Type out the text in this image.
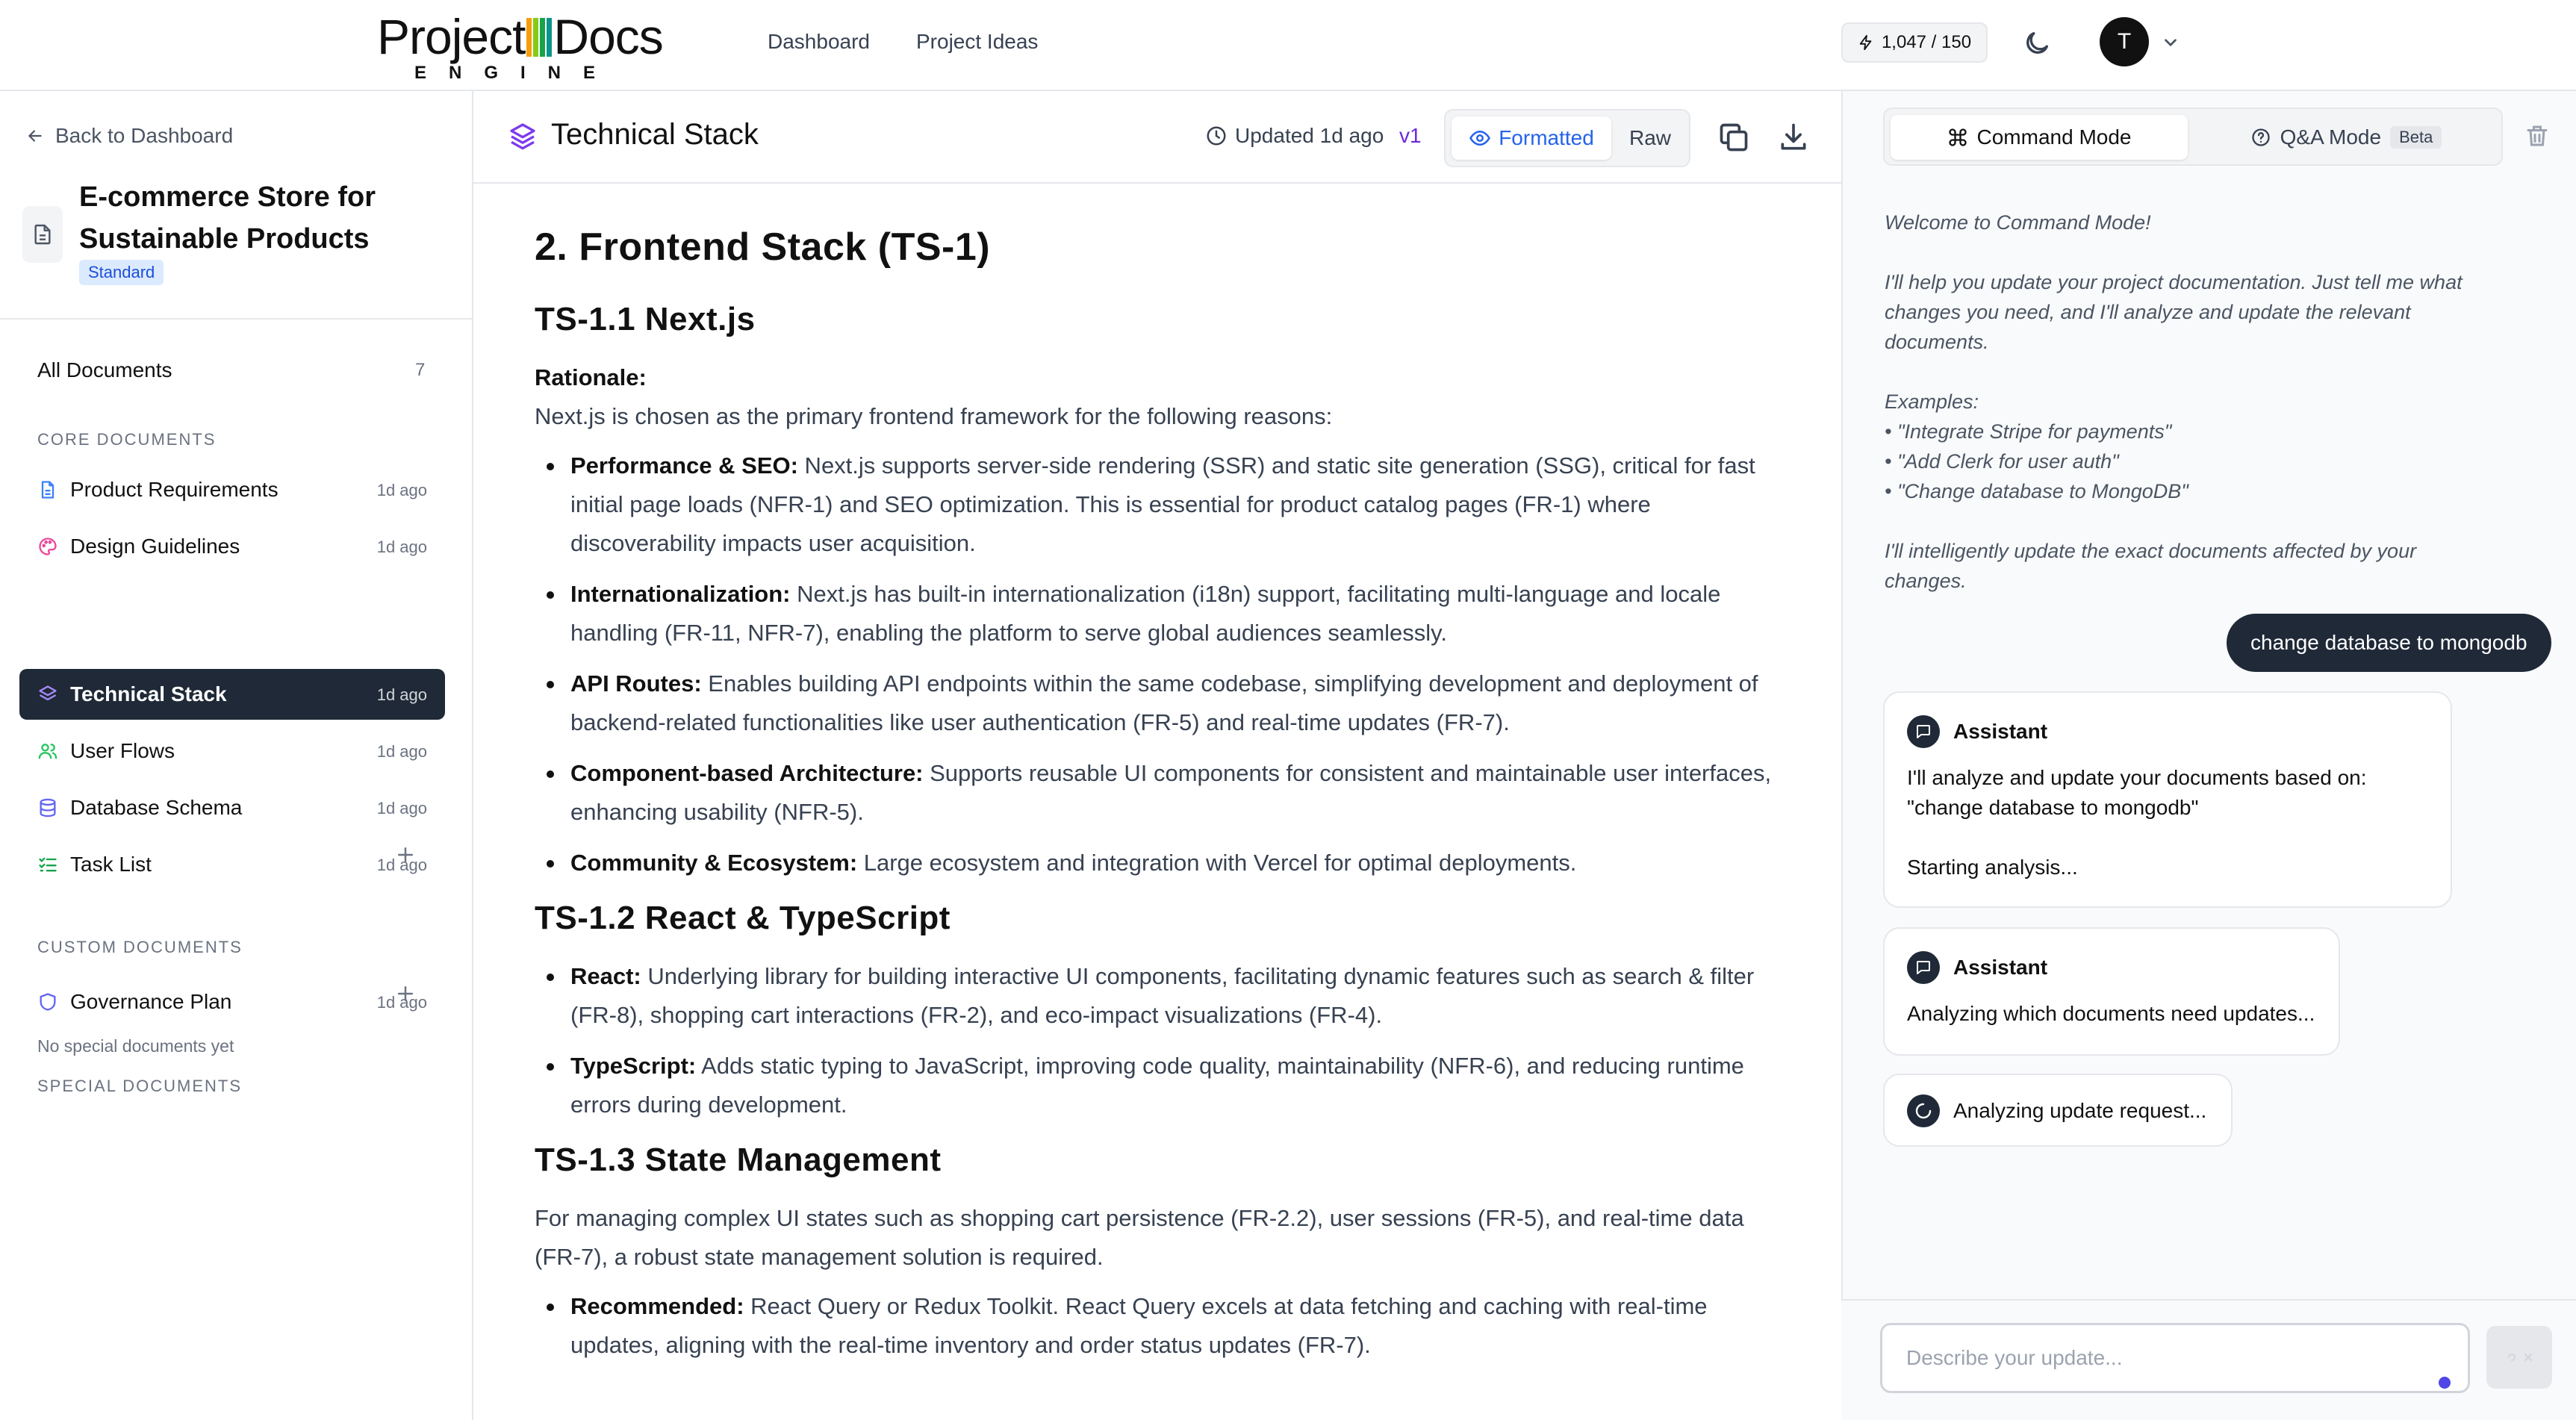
Project Docs
ENGINE
Dashboard Project Ideas	1,047 / 150	T
Back to Dashboard
E-commerce Store for Sustainable Products
Standard
All Documents	7
CORE DOCUMENTS
Product Requirements	1d ago
Design Guidelines	1d ago
Technical Stack	1d ago
User Flows	1d ago
Database Schema	1d ago
Task List	1d ago
CUSTOM DOCUMENTS
Governance Plan	1d ago
SPECIAL DOCUMENTS
No special documents yet
Technical Stack	Updated 1d ago v1	Formatted	Raw
2. Frontend Stack (TS-1)
TS-1.1 Next.js
Rationale:

Next.js is chosen as the primary frontend framework for the following reasons:

Performance & SEO: Next.js supports server-side rendering (SSR) and static site generation (SSG), critical for fast initial page loads (NFR-1) and SEO optimization. This is essential for product catalog pages (FR-1) where discoverability impacts user acquisition.
Internationalization: Next.js has built-in internationalization (i18n) support, facilitating multi-language and locale handling (FR-11, NFR-7), enabling the platform to serve global audiences seamlessly.
API Routes: Enables building API endpoints within the same codebase, simplifying development and deployment of backend-related functionalities like user authentication (FR-5) and real-time updates (FR-7).
Component-based Architecture: Supports reusable UI components for consistent and maintainable user interfaces, enhancing usability (NFR-5).
Community & Ecosystem: Large ecosystem and integration with Vercel for optimal deployments.
TS-1.2 React & TypeScript
React: Underlying library for building interactive UI components, facilitating dynamic features such as search & filter (FR-8), shopping cart interactions (FR-2), and eco-impact visualizations (FR-4).
TypeScript: Adds static typing to JavaScript, improving code quality, maintainability (NFR-6), and reducing runtime errors during development.
TS-1.3 State Management

For managing complex UI states such as shopping cart persistence (FR-2.2), user sessions (FR-5), and real-time data (FR-7), a robust state management solution is required.

Recommended: React Query or Redux Toolkit. React Query excels at data fetching and caching with real-time updates, aligning with the real-time inventory and order status updates (FR-7).
Command Mode	Q&A Mode	Beta
Welcome to Command Mode!
I'll help you update your project documentation. Just tell me what changes you need, and I'll analyze and update the relevant documents.
Examples:
• "Integrate Stripe for payments"
• "Add Clerk for user auth"
• "Change database to MongoDB"
I'll intelligently update the exact documents affected by your changes.
change database to mongodb
Assistant
I'll analyze and update your documents based on:
"change database to mongodb"
Starting analysis...
Assistant
Analyzing which documents need updates...
Analyzing update request...
Describe your update...
